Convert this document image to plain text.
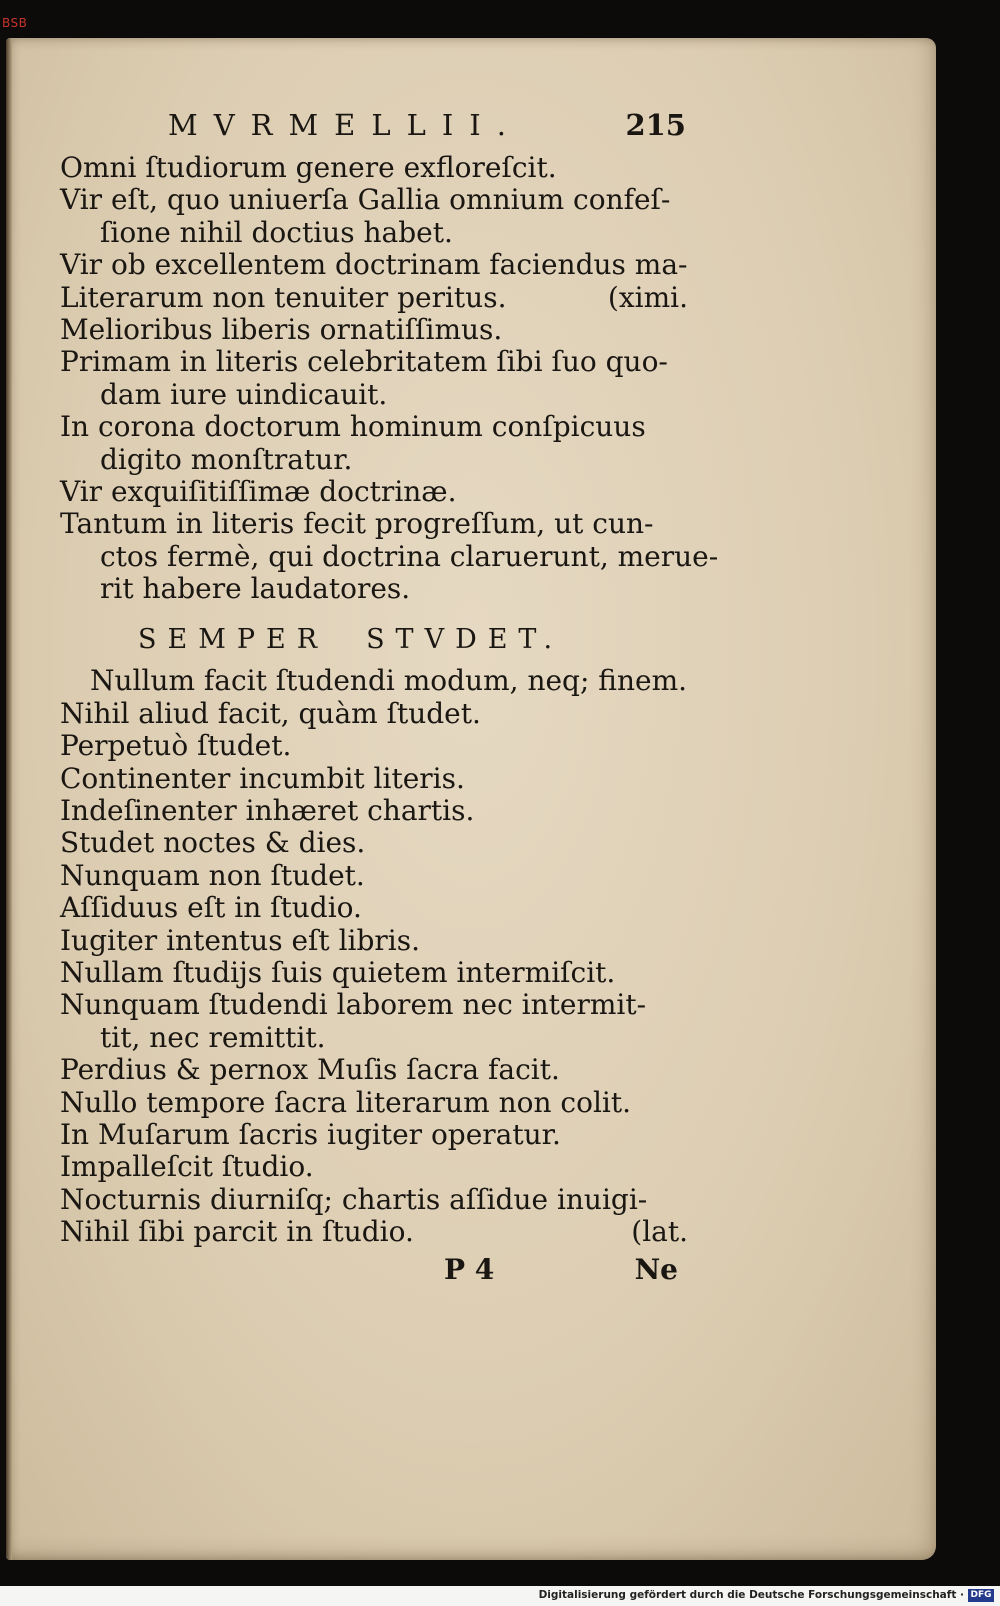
BSB
MVRMELLII.	215
Omni ſtudiorum genere exfloreſcit.
Vir eſt, quo uniuerſa Gallia omnium confeſ-
ſione nihil doctius habet.
Vir ob excellentem doctrinam faciendus ma-
Literarum non tenuiter peritus.	(ximi.
Melioribus liberis ornatiſſimus.
Primam in literis celebritatem ſibi ſuo quo-
dam iure uindicauit.
In corona doctorum hominum conſpicuus
digito monſtratur.
Vir exquiſitiſſimæ doctrinæ.
Tantum in literis fecit progreſſum, ut cun-
ctos fermè, qui doctrina claruerunt, merue-
rit habere laudatores.
SEMPER STVDET.
Nullum facit ſtudendi modum, neq; finem.
Nihil aliud facit, quàm ſtudet.
Perpetuò ſtudet.
Continenter incumbit literis.
Indeſinenter inhæret chartis.
Studet noctes & dies.
Nunquam non ſtudet.
Aſſiduus eſt in ſtudio.
Iugiter intentus eſt libris.
Nullam ſtudijs ſuis quietem intermiſcit.
Nunquam ſtudendi laborem nec intermit-
tit, nec remittit.
Perdius & pernox Muſis ſacra facit.
Nullo tempore ſacra literarum non colit.
In Muſarum ſacris iugiter operatur.
Impalleſcit ſtudio.
Nocturnis diurniſq; chartis aſſidue inuigi-
Nihil ſibi parcit in ſtudio.	(lat.
P 4	Ne
Digitalisierung gefördert durch die Deutsche Forschungsgemeinschaft · DFG
